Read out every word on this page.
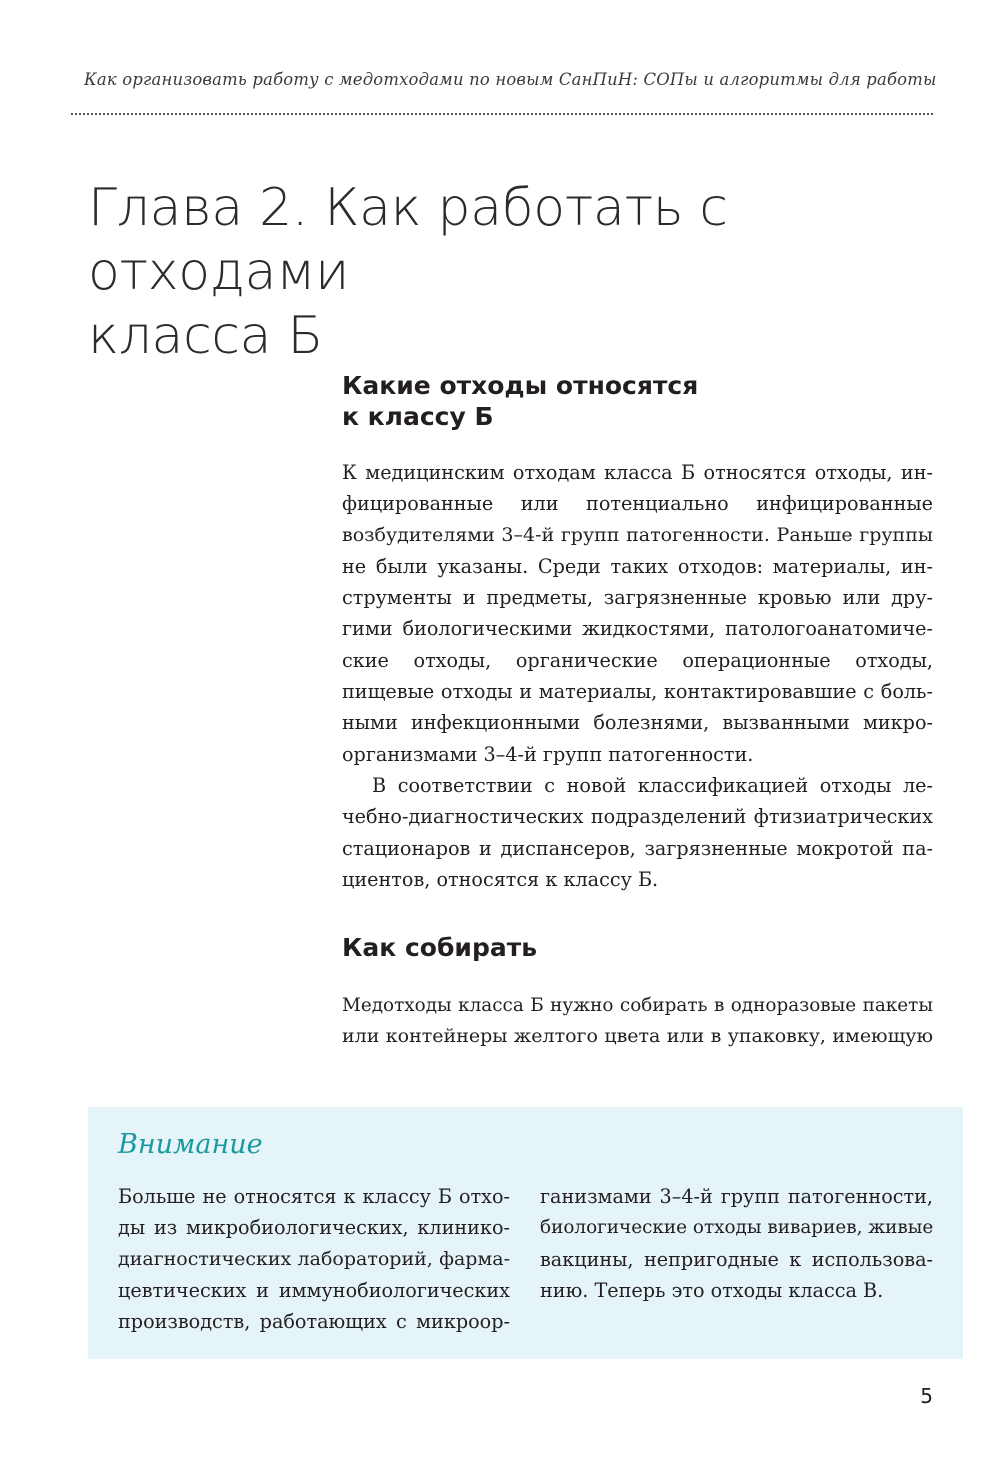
Как организовать работу с медотходами по новым СанПиН: СОПы и алгоритмы для работы
Глава 2. Как работать с отходами
класса Б
Какие отходы относятся
к классу Б
К медицинским отходам класса Б относятся отходы, ин-
фицированные или потенциально инфицированные
возбудителями 3–4-й групп патогенности. Раньше группы
не были указаны. Среди таких отходов: материалы, ин-
струменты и предметы, загрязненные кровью или дру-
гими биологическими жидкостями, патологоанатомиче-
ские отходы, органические операционные отходы,
пищевые отходы и материалы, контактировавшие с боль-
ными инфекционными болезнями, вызванными микро-
организмами 3–4-й групп патогенности.
В соответствии с новой классификацией отходы ле-
чебно-диагностических подразделений фтизиатрических
стационаров и диспансеров, загрязненные мокротой па-
циентов, относятся к классу Б.
Как собирать
Медотходы класса Б нужно собирать в одноразовые пакеты
или контейнеры желтого цвета или в упаковку, имеющую
Внимание
Больше не относятся к классу Б отхо-
ды из микробиологических, клинико-
диагностических лабораторий, фарма-
цевтических и иммунобиологических
производств, работающих с микроор-
ганизмами 3–4-й групп патогенности,
биологические отходы вивариев, живые
вакцины, непригодные к использова-
нию. Теперь это отходы класса В.
5
